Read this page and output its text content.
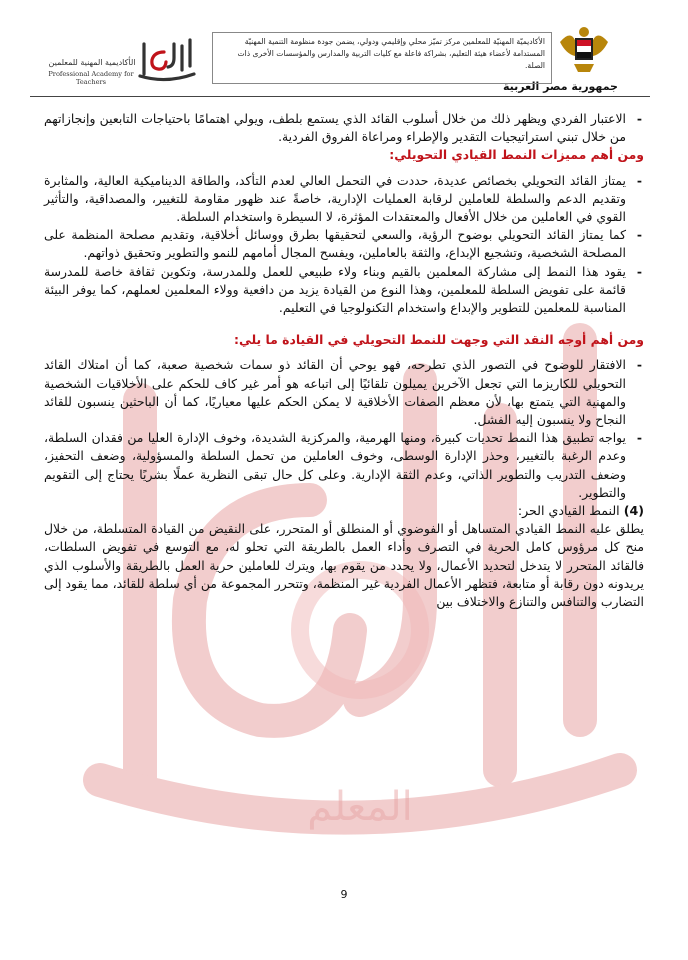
المعلم
جمهورية مصر العربية
الأكاديميّة المهنيّة للمعلمين مركز تميّز محلي وإقليمي ودولي، يضمن جودة منظومة التنمية المهنيّة المستدامة لأعضاء هيئة التعليم، بشراكة فاعلة مع كليات التربية والمدارس والمؤسسات الأخرى ذات الصلة.
الأكاديمية المهنية للمعلمين
Professional Academy for Teachers
- الاعتبار الفردي ويظهر ذلك من خلال أسلوب القائد الذي يستمع بلطف، ويولي اهتمامًا باحتياجات التابعين وإنجازاتهم من خلال تبني استراتيجيات التقدير والإطراء ومراعاة الفروق الفردية.

ومن أهم مميزات النمط القيادي التحويلي:

- يمتاز القائد التحويلي بخصائص عديدة، حددت في التحمل العالي لعدم التأكد، والطاقة الديناميكية العالية، والمثابرة وتقديم الدعم والسلطة للعاملين لرقابة العمليات الإدارية، خاصةً عند ظهور مقاومة للتغيير، والمصداقية، والتأثير القوي في العاملين من خلال الأفعال والمعتقدات المؤثرة، لا السيطرة واستخدام السلطة.
- كما يمتاز القائد التحويلي بوضوح الرؤية، والسعي لتحقيقها بطرق ووسائل أخلاقية، وتقديم مصلحة المنظمة على المصلحة الشخصية، وتشجيع الإبداع، والثقة بالعاملين، ويفسح المجال أمامهم للنمو والتطوير وتحقيق ذواتهم.
- يقود هذا النمط إلى مشاركة المعلمين بالقيم وبناء ولاء طبيعي للعمل وللمدرسة، وتكوين ثقافة خاصة للمدرسة قائمة على تفويض السلطة للمعلمين، وهذا النوع من القيادة يزيد من دافعية وولاء المعلمين لعملهم، كما يوفر البيئة المناسبة للمعلمين للتطوير والإبداع واستخدام التكنولوجيا في التعليم.

ومن أهم أوجه النقد التي وجهت للنمط التحويلي في القيادة ما يلي:

- الافتقار للوضوح في التصور الذي تطرحه، فهو يوحي أن القائد ذو سمات شخصية صعبة، كما أن امتلاك القائد التحويلي للكاريزما التي تجعل الآخرين يميلون تلقائيًا إلى اتباعه هو أمر غير كاف للحكم على الأخلاقيات الشخصية والمهنية التي يتمتع بها، لأن معظم الصفات الأخلاقية لا يمكن الحكم عليها معياريًا، كما أن الباحثين ينسبون للقائد النجاح ولا ينسبون إليه الفشل.
- يواجه تطبيق هذا النمط تحديات كبيرة، ومنها الهرمية، والمركزية الشديدة، وخوف الإدارة العليا من فقدان السلطة، وعدم الرغبة بالتغيير، وحذر الإدارة الوسطى، وخوف العاملين من تحمل السلطة والمسؤولية، وضعف التحفيز، وضعف التدريب والتطوير الذاتي، وعدم الثقة الإدارية. وعلى كل حال تبقى النظرية عملًا بشريًا يحتاج إلى التقويم والتطوير.

(4) النمط القيادي الحر:

يطلق عليه النمط القيادي المتساهل أو الفوضوي أو المنطلق أو المتحرر، على النقيض من القيادة المتسلطة، من خلال منح كل مرؤوس كامل الحرية في التصرف وأداء العمل بالطريقة التي تحلو له، مع التوسع في تفويض السلطات، فالقائد المتحرر لا يتدخل لتحديد الأعمال، ولا يحدد من يقوم بها، ويترك للعاملين حرية العمل بالطريقة والأسلوب الذي يريدونه دون رقابة أو متابعة، فتظهر الأعمال الفردية غير المنظمة، وتتحرر المجموعة من أي سلطة للقائد، مما يقود إلى التضارب والتنافس والتنازع والاختلاف بين

9
